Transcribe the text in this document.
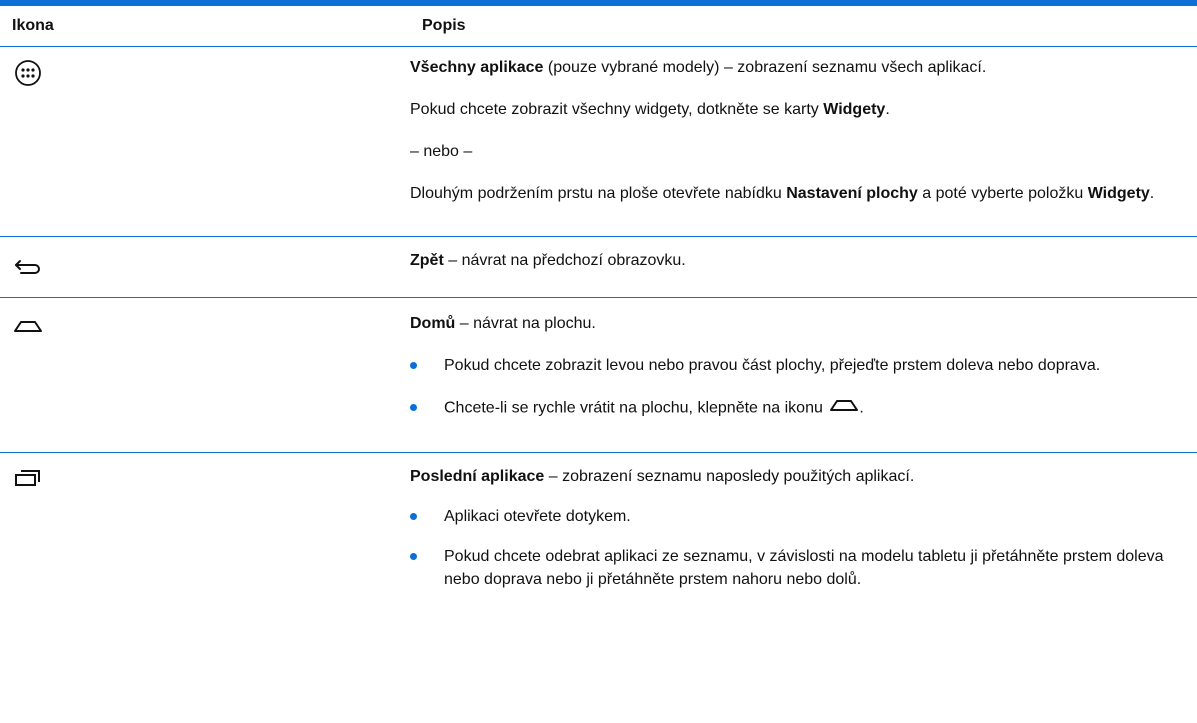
Ikona	Popis

Všechny aplikace (pouze vybrané modely) – zobrazení seznamu všech aplikací.

Pokud chcete zobrazit všechny widgety, dotkněte se karty Widgety.

– nebo –

Dlouhým podržením prstu na ploše otevřete nabídku Nastavení plochy a poté vyberte položku Widgety.

Zpět – návrat na předchozí obrazovku.

Domů – návrat na plochu.

Pokud chcete zobrazit levou nebo pravou část plochy, přejeďte prstem doleva nebo doprava.
Chcete-li se rychle vrátit na plochu, klepněte na ikonu .

Poslední aplikace – zobrazení seznamu naposledy použitých aplikací.

Aplikaci otevřete dotykem.
Pokud chcete odebrat aplikaci ze seznamu, v závislosti na modelu tabletu ji přetáhněte prstem doleva nebo doprava nebo ji přetáhněte prstem nahoru nebo dolů.
